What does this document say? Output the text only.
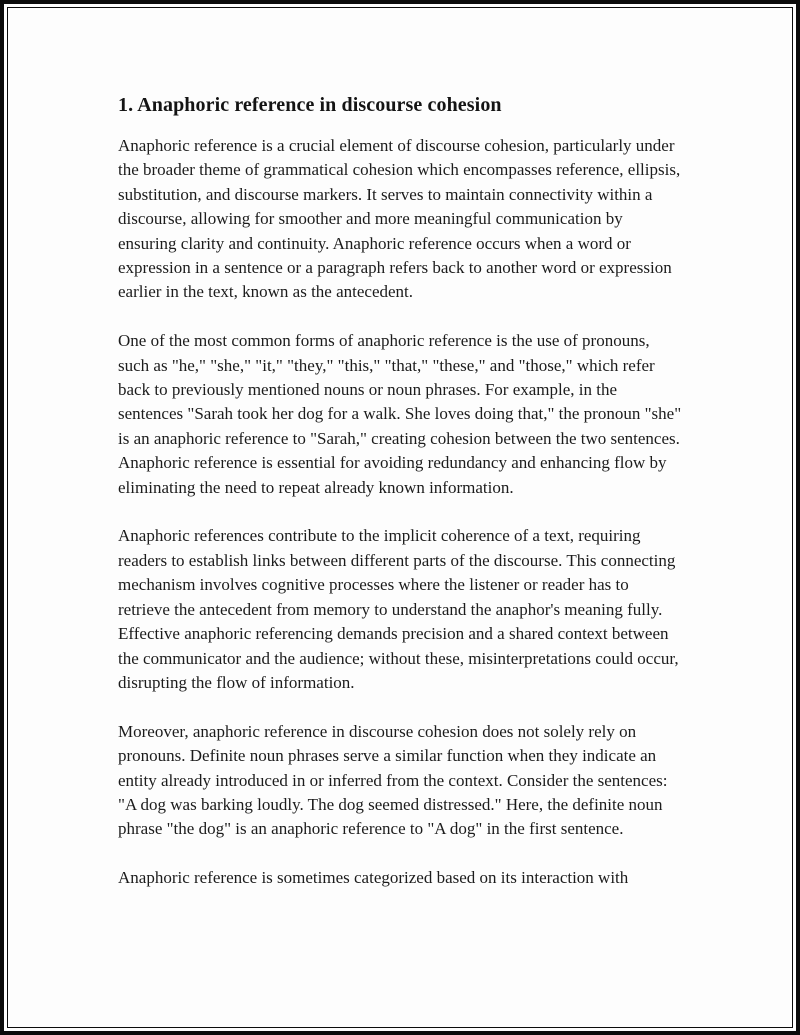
1. Anaphoric reference in discourse cohesion

Anaphoric reference is a crucial element of discourse cohesion, particularly under the broader theme of grammatical cohesion which encompasses reference, ellipsis, substitution, and discourse markers. It serves to maintain connectivity within a discourse, allowing for smoother and more meaningful communication by ensuring clarity and continuity. Anaphoric reference occurs when a word or expression in a sentence or a paragraph refers back to another word or expression earlier in the text, known as the antecedent.

One of the most common forms of anaphoric reference is the use of pronouns, such as "he," "she," "it," "they," "this," "that," "these," and "those," which refer back to previously mentioned nouns or noun phrases. For example, in the sentences "Sarah took her dog for a walk. She loves doing that," the pronoun "she" is an anaphoric reference to "Sarah," creating cohesion between the two sentences. Anaphoric reference is essential for avoiding redundancy and enhancing flow by eliminating the need to repeat already known information.

Anaphoric references contribute to the implicit coherence of a text, requiring readers to establish links between different parts of the discourse. This connecting mechanism involves cognitive processes where the listener or reader has to retrieve the antecedent from memory to understand the anaphor's meaning fully. Effective anaphoric referencing demands precision and a shared context between the communicator and the audience; without these, misinterpretations could occur, disrupting the flow of information.

Moreover, anaphoric reference in discourse cohesion does not solely rely on pronouns. Definite noun phrases serve a similar function when they indicate an entity already introduced in or inferred from the context. Consider the sentences: "A dog was barking loudly. The dog seemed distressed." Here, the definite noun phrase "the dog" is an anaphoric reference to "A dog" in the first sentence.

Anaphoric reference is sometimes categorized based on its interaction with
